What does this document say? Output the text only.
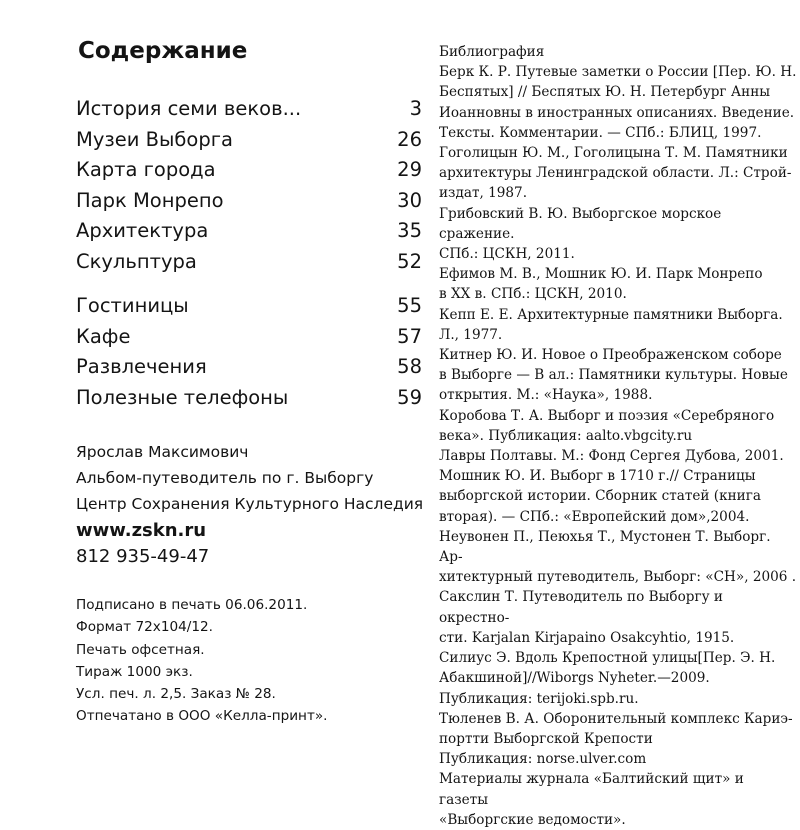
Содержание
История семи веков...	3
Музеи Выборга	26
Карта города	29
Парк Монрепо	30
Архитектура	35
Скульптура	52
Гостиницы	55
Кафе	57
Развлечения	58
Полезные телефоны	59
Ярослав Максимович
Альбом-путеводитель по г. Выборгу
Центр Сохранения Культурного Наследия
www.zskn.ru
812 935-49-47
Подписано в печать 06.06.2011.
Формат 72х104/12.
Печать офсетная.
Тираж 1000 экз.
Усл. печ. л. 2,5. Заказ № 28.
Отпечатано в ООО «Келла-принт».
Библиография
Берк К. Р. Путевые заметки о России [Пер. Ю. Н.
Беспятых] // Беспятых Ю. Н. Петербург Анны
Иоанновны в иностранных описаниях. Введение.
Тексты. Комментарии. — СПб.: БЛИЦ, 1997.
Гоголицын Ю. М., Гоголицына Т. М. Памятники
архитектуры Ленинградской области. Л.: Строй-
издат, 1987.
Грибовский В. Ю. Выборгское морское сражение.
СПб.: ЦСКН, 2011.
Ефимов М. В., Мошник Ю. И. Парк Монрепо
в XX в. СПб.: ЦСКН, 2010.
Кепп Е. Е. Архитектурные памятники Выборга.
Л., 1977.
Китнер Ю. И. Новое о Преображенском соборе
в Выборге — В ал.: Памятники культуры. Новые
открытия. М.: «Наука», 1988.
Коробова Т. А. Выборг и поэзия «Серебряного
века». Публикация: aalto.vbgcity.ru
Лавры Полтавы. М.: Фонд Сергея Дубова, 2001.
Мошник Ю. И. Выборг в 1710 г.// Страницы
выборгской истории. Сборник статей (книга
вторая). — СПб.: «Европейский дом»,2004.
Неувонен П., Пеюхья Т., Мустонен Т. Выборг. Ар-
хитектурный путеводитель, Выборг: «СН», 2006 .
Сакслин Т. Путеводитель по Выборгу и окрестно-
сти. Karjalan Kirjapaino Osakcyhtio, 1915.
Силиус Э. Вдоль Крепостной улицы[Пер. Э. Н.
Абакшиной]//Wiborgs Nyheter.—2009.
Публикация: terijoki.spb.ru.
Тюленев В. А. Оборонительный комплекс Кариэ-
портти Выборгской Крепости
Публикация: norse.ulver.com
Материалы журнала «Балтийский щит» и газеты
«Выборгские ведомости».
